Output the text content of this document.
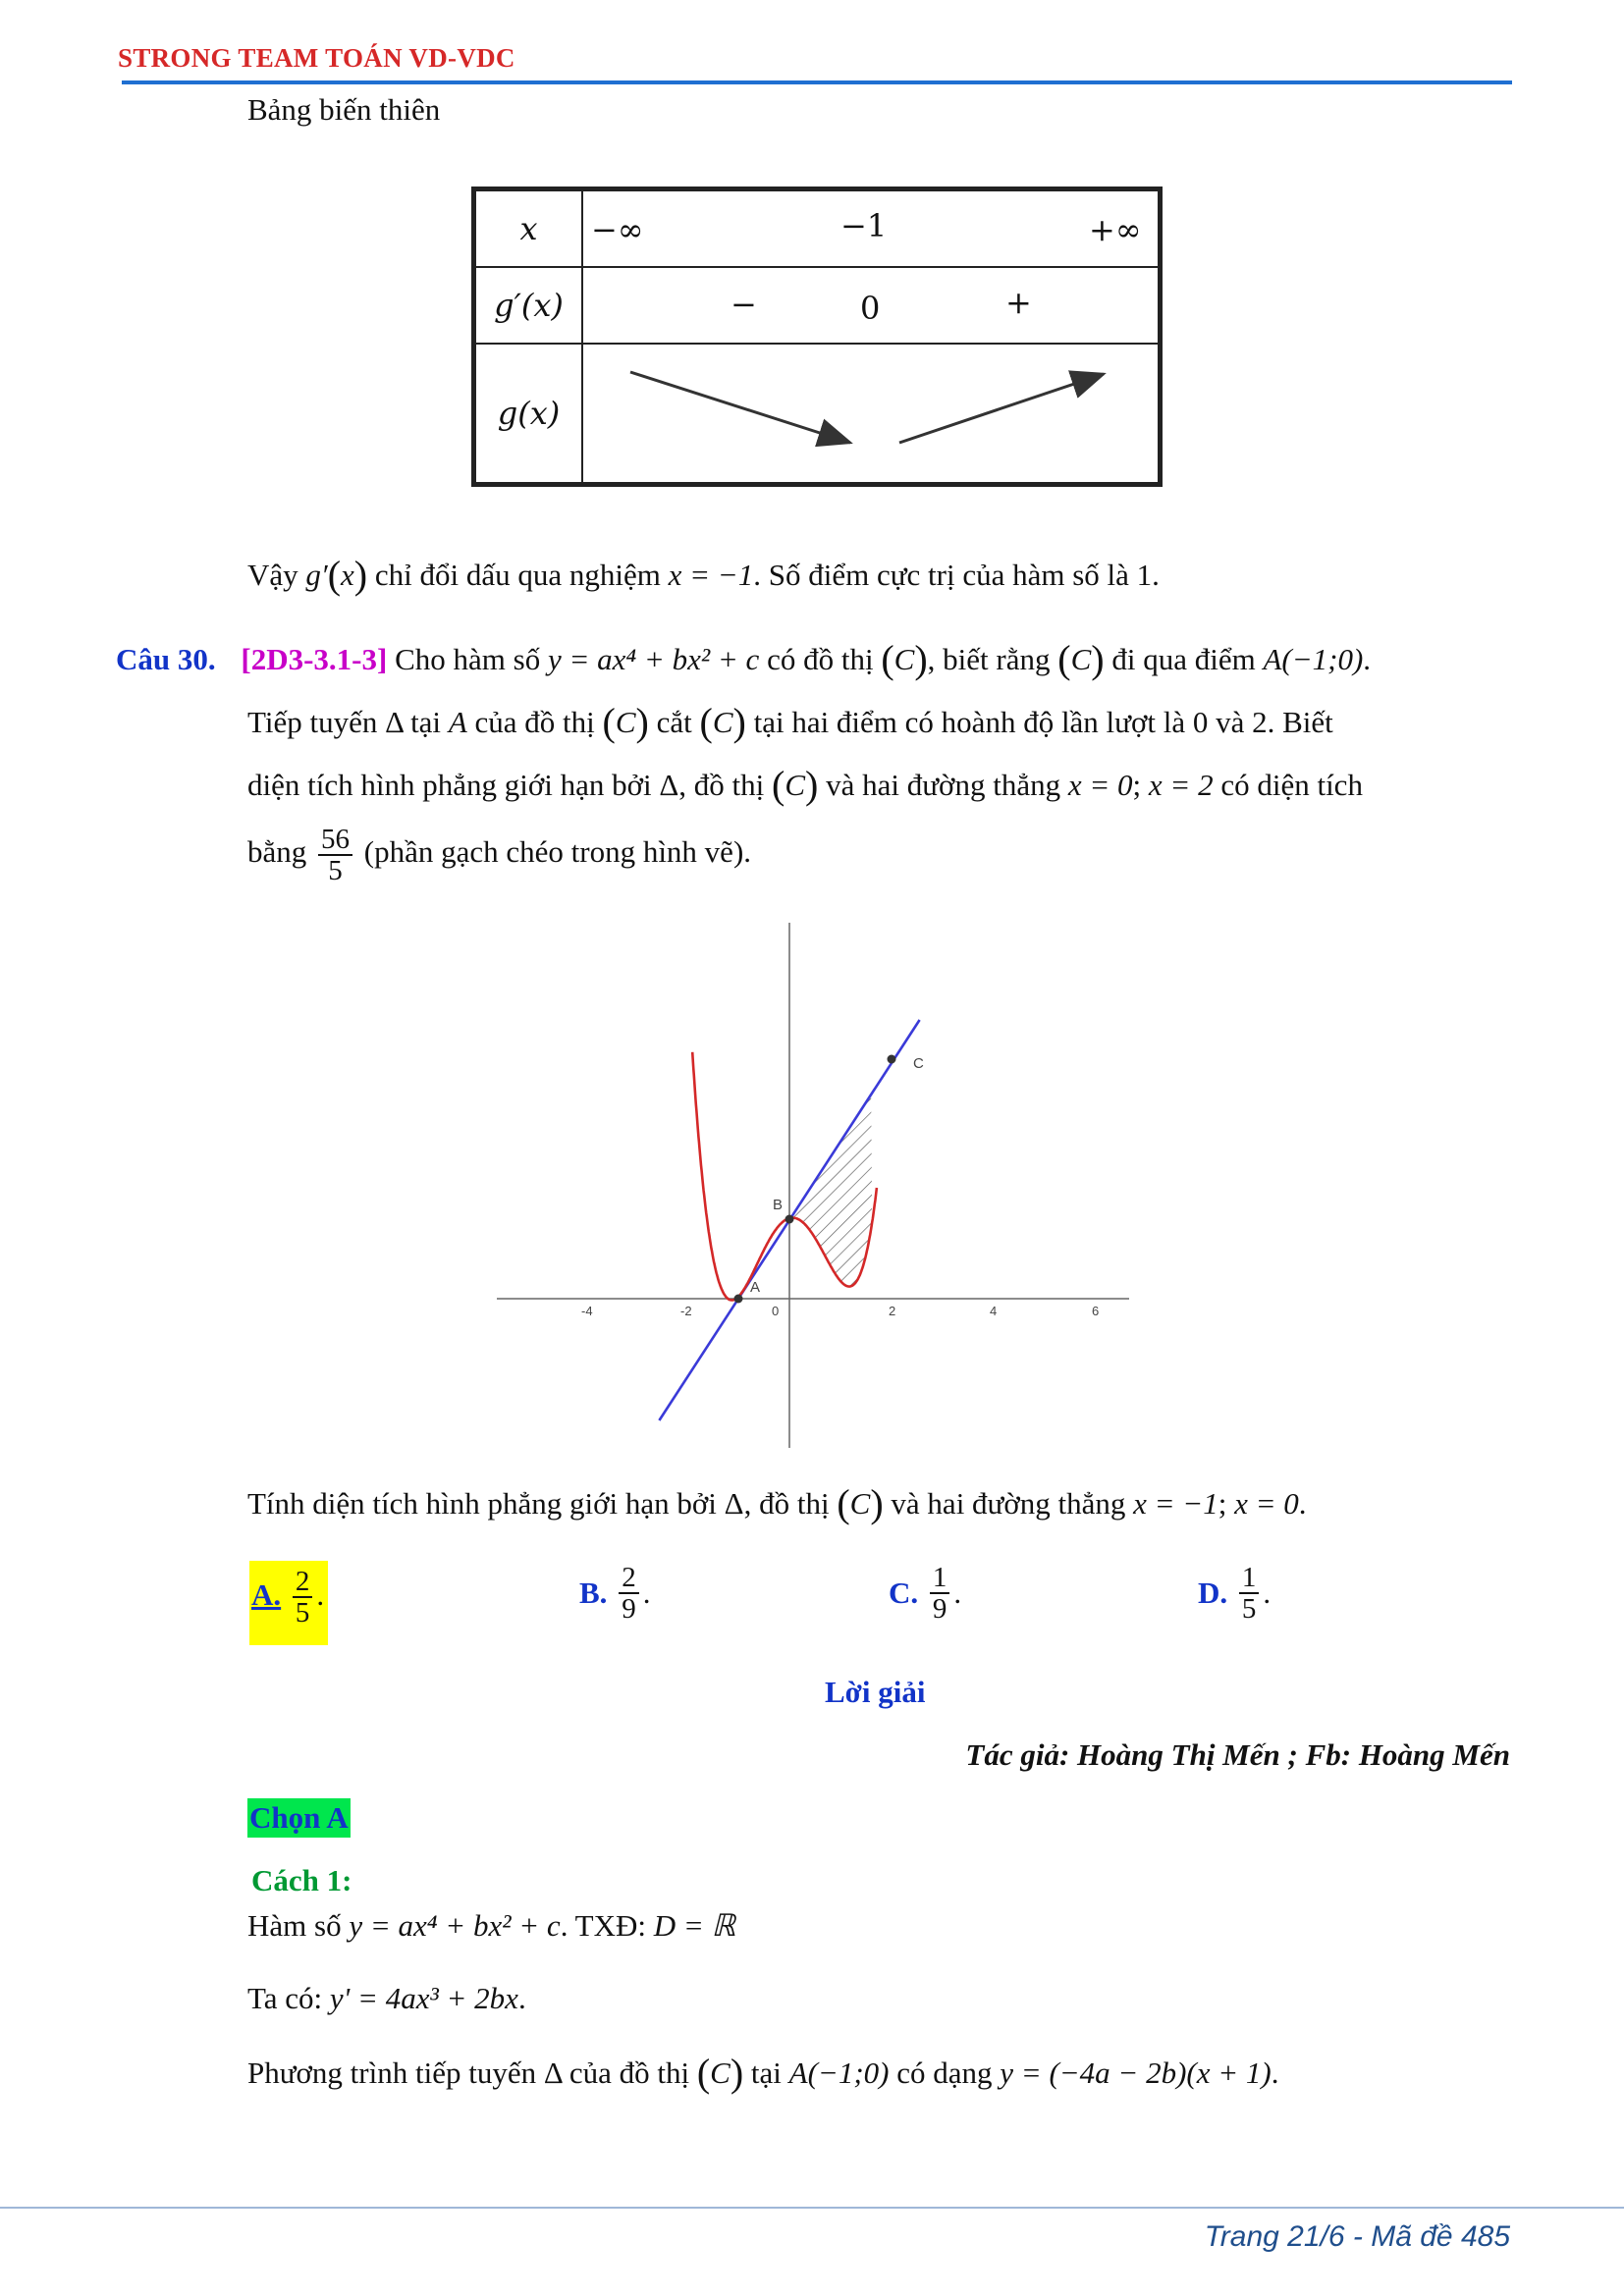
STRONG TEAM TOÁN VD-VDC
Bảng biến thiên
x	−∞ −1 +∞

g′(x)	− 0 +

g(x)	
Vậy g′(x) chỉ đổi dấu qua nghiệm x = −1. Số điểm cực trị của hàm số là 1.
Câu 30. [2D3-3.1-3] Cho hàm số y = ax⁴ + bx² + c có đồ thị (C), biết rằng (C) đi qua điểm A(−1;0).
Tiếp tuyến Δ tại A của đồ thị (C) cắt (C) tại hai điểm có hoành độ lần lượt là 0 và 2. Biết
diện tích hình phẳng giới hạn bởi Δ, đồ thị (C) và hai đường thẳng x = 0; x = 2 có diện tích
bằng $\frac{56}{5}$ (phần gạch chéo trong hình vẽ).
-4	-2	0	2	4	6
A
B
C
Tính diện tích hình phẳng giới hạn bởi Δ, đồ thị (C) và hai đường thẳng x = −1; x = 0.
A. $\frac{2}{5}$ .	B. $\frac{2}{9}$ .	C. $\frac{1}{9}$ .	D. $\frac{1}{5}$ .
Lời giải
Tác giả: Hoàng Thị Mến ; Fb: Hoàng Mến
Chọn A
Cách 1:
Hàm số y = ax⁴ + bx² + c. TXĐ: D = ℝ
Ta có: y' = 4ax³ + 2bx.
Phương trình tiếp tuyến Δ của đồ thị (C) tại A(−1;0) có dạng y = (−4a − 2b)(x + 1).
Trang 21/6 - Mã đề 485
